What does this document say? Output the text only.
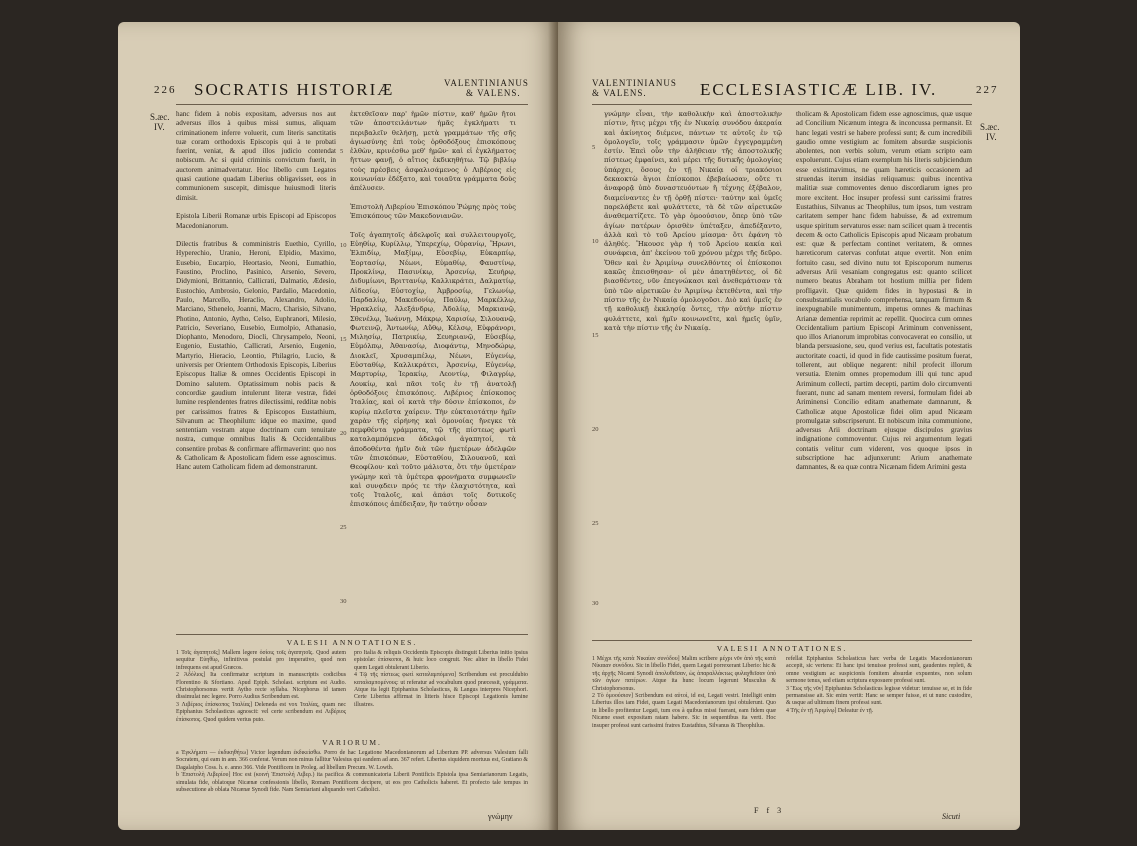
226 SOCRATIS HISTORIÆ	VALENTINIANUS
& VALENS.
S.æc.
IV.
hanc fidem à nobis expositam, adversus nos aut adversus illos à quibus missi sumus, aliquam criminationem inferre voluerit, cum literis sanctitatis tuæ coram orthodoxis Episcopis qui à te probati fuerint, veniat, & apud illos judicio contendat nobiscum. Ac si quid criminis convictum fuerit, in auctorem animadvertatur. Hoc libello cum Legatos quasi cautione quadam Liberius obligavisset, eos in communionem suscepit, dimisque huiusmodi literis dimisit.

Epistola Liberii Romanæ urbis Episcopi ad Episcopos Macedonianorum.

Dilectis fratribus & comministris Euethio, Cyrillo, Hyperechio, Uranio, Heroni, Elpidio, Maximo, Eusebio, Eucarpio, Heortasio, Neoni, Eumathio, Faustino, Proclino, Pasinico, Arsenio, Severo, Didymioni, Brittannio, Callicrati, Dalmatio, Ædesio, Eustochio, Ambrosio, Gelonio, Pardalio, Macedonio, Paulo, Marcello, Heraclio, Alexandro, Adolio, Marciano, Sthenelo, Joanni, Macro, Charisio, Silvano, Photino, Antonio, Aytho, Celso, Euphranori, Milesio, Patricio, Severiano, Eusebio, Eumolpio, Athanasio, Diophanto, Menodoro, Diocli, Chrysampelo, Neoni, Eugenio, Eustathio, Callicrati, Arsenio, Eugenio, Martyrio, Hieracio, Leontio, Philagrio, Lucio, & universis per Orientem Orthodoxis Episcopis, Liberius Episcopus Italiæ & omnes Occidentis Episcopi in Domino salutem. Optatissimum nobis pacis & concordiæ gaudium intulerunt literæ vestræ, fidei lumine resplendentes fratres dilectissimi, redditæ nobis per carissimos fratres & Episcopos Eustathium, Silvanum ac Theophilum: idque eo maxime, quod sententiam vestram atque doctrinam cum tenuitate nostra, cumque omnibus Italis & Occidentalibus consentire probas & confirmare affirmaverint: quo nos & Catholicam & Apostolicam fidem esse agnoscimus. Hanc autem Catholicam fidem ad demonstrarunt.
ἐκτεθεῖσαν παρ' ἡμῶν πίστιν, καθ' ἡμῶν ἤτοι τῶν ἀποστειλάντων ἡμᾶς ἐγκλήματι τι περιβαλεῖν θελήσῃ, μετὰ γραμμάτων τῆς σῆς ἁγιωσύνης ἐπὶ τοὺς ὀρθοδόξους ἐπισκόπους ἐλθὼν, κρινέσθω μεθ' ἡμῶν· καὶ εἰ ἐγκλήματος ἥττων φανῇ, ὁ αἴτιος ἐκδικηθήτω. Τῷ βιβλίῳ τοὺς πρέσβεις ἀσφαλισάμενος ὁ Λιβέριος εἰς κοινωνίαν ἐδέξατο, καὶ τοιαῦτα γράμματα δοὺς ἀπέλυσεν.

Ἐπιστολὴ Λιβερίου Ἐπισκόπου Ῥώμης πρὸς τοὺς Ἐπισκόπους τῶν Μακεδονιανῶν.

Τοῖς ἀγαπητοῖς ἀδελφοῖς καὶ συλλειτουργοῖς, Εὐηθίῳ, Κυρίλλῳ, Ὑπερεχίῳ, Οὐρανίῳ, Ἥρωνι, Ἐλπιδίῳ, Μαξίμῳ, Εὐσεβίῳ, Εὐκαρπίῳ, Ἑορτασίῳ, Νέωνι, Εὐμαθίῳ, Φαυστίνῳ, Προκλίνῳ, Πασινίκῳ, Ἀρσενίῳ, Σευήρῳ, Διδυμίωνι, Βριττανίῳ, Καλλικράτει, Δαλματίῳ, Αἰδεσίῳ, Εὐστοχίῳ, Ἀμβροσίῳ, Γελωνίῳ, Παρδαλίῳ, Μακεδονίῳ, Παύλῳ, Μαρκέλλῳ, Ἡρακλείῳ, Ἀλεξάνδρῳ, Ἀδολίῳ, Μαρκιανῷ, Σθενέλῳ, Ἰωάννῃ, Μάκρῳ, Χαρισίῳ, Σιλουανῷ, Φωτεινῷ, Ἀντωνίῳ, Αὔθῳ, Κέλσῳ, Εὐφράνορι, Μιλησίῳ, Πατρικίῳ, Σευηριανῷ, Εὐσεβίῳ, Εὐμόλπῳ, Ἀθανασίῳ, Διοφάντῳ, Μηνοδώρῳ, Διοκλεῖ, Χρυσαμπέλῳ, Νέωνι, Εὐγενίῳ, Εὐσταθίῳ, Καλλικράτει, Ἀρσενίῳ, Εὐγενίῳ, Μαρτυρίῳ, Ἱερακίῳ, Λεοντίῳ, Φιλαγρίῳ, Λουκίῳ, καὶ πᾶσι τοῖς ἐν τῇ ἀνατολῇ ὀρθοδόξοις ἐπισκόποις. Λιβέριος ἐπίσκοπος Ἰταλίας, καὶ οἱ κατὰ τὴν δύσιν ἐπίσκοποι, ἐν κυρίῳ πλεῖστα χαίρειν. Τὴν εὐκταιοτάτην ἡμῖν χαρὰν τῆς εἰρήνης καὶ ὁμονοίας ἤνεγκε τὰ πεμφθέντα γράμματα, τῷ τῆς πίστεως φωτὶ καταλαμπόμενα ἀδελφοὶ ἀγαπητοί, τὰ ἀποδοθέντα ἡμῖν διὰ τῶν ἡμετέρων ἀδελφῶν τῶν ἐπισκόπων, Εὐσταθίου, Σιλουανοῦ, καὶ Θεοφίλου· καὶ τοῦτο μάλιστα, ὅτι τὴν ὑμετέραν γνώμην καὶ τὰ ὑμέτερα φρονήματα συμφωνεῖν καὶ συνᾳδειν πρός τε τὴν ἐλαχιστότητα, καὶ τοῖς Ἰταλοῖς, καὶ ἀπάσι τοῖς δυτικοῖς ἐπισκόποις ἀπέδειξαν, ἥν ταύτην οὖσαν
5
10
15
20
25
30
VALESII ANNOTATIONES.
1 Τοῖς ἀγαπητοῖς] Mallem legere ὁσίοις τοῖς ἀγαπητοῖς. Quod autem sequitur Εὐηθίῳ, infinitivus postulat pro imperativo, quod non infrequens est apud Græcos.
2 Ἀδόλιος] Ita confirmatur scriptum in manuscriptis codicibus Florentino & Sfortiano. Apud Epiph. Scholast. scriptum est Audio. Christophorsonus vertit Aytho recte syllaba. Nicephorus id tamen dissimulat nec legere. Porro Audius Scribendum est.
3 Λιβέριος ἐπίσκοπος Ἰταλίας] Deleneda est vox Ἰταλίας, quam nec Epiphanius Scholasticus agnoscit: vel certe scribendum est Λιβέριος ἐπίσκοπος. Quod quidem verius puto.
pro Italia & reliquis Occidentis Episcopis distinguit Liberius initio ipsius epistolæ: ἐπίσκοποι, & huic loco congruit. Nec aliter in libello Fidei quem Legati obtulerant Liberio.
4 Τῷ τῆς πίστεως φωτὶ καταλαμπόμενα] Scribendum est proculdubio καταλαμπομένους: ut referatur ad vocabulum quod præcessit, γράμματα. Atque ita legit Epiphanius Scholasticus, & Langus interpres Nicephori. Certe Liberius affirmat in litteris hisce Episcopi Legationis lumine illustres.
VARIORUM.
a Ἐγκλήματι — ἐκδικηθήτω] Victor legendum ἐκδικείσθω. Porro de hac Legatione Macedonianorum ad Liberium PP. adversus Valesium falli Socratem, qui eam in ann. 366 conferat. Verum non minus fallitur Valesius qui eandem ad ann. 367 refert. Liberius siquidem mortuus est, Gratiano & Dagalaipho Coss. h. e. anno 366. Vide Pontificem in Proleg. ad libellum Precum. W. Lowth.
b Ἐπιστολὴ Λιβερίου] Hoc est (κοινή Ἐπιστολή Λιβερ.) ita pacifica & communicatoria Liberii Pontificis Epistola ipsa Semiarianorum Legatis, simulata fide, oblatoque Nicænæ confessionis libello, Romam Pontificem decipere, ut eos pro Catholicis haberet. Et profecto tale tempus in subsecutione ab oblata Nicænæ Synodi fide. Nam Semiariani aliquando veri Catholici.
γνώμην
VALENTINIANUS
& VALENS.	ECCLESIASTICÆ LIB. IV.	227
S.æc.
IV.
5
10
15
20
25
30
γνώμην εἶναι, τὴν καθολικὴν καὶ ἀποστολικὴν πίστιν, ἥτις μέχρι τῆς ἐν Νικαίᾳ συνόδου ἀκεραία καὶ ἀκίνητος διέμενε, πάντων τε αὐτοῖς ἐν τῷ ὀμολογεῖν, τοῖς γράμμασιν ὑμῶν ἐγγεγραμμένη ἐστίν. Ἐπεὶ οὖν τὴν ἀλήθειαν τῆς ἀποστολικῆς πίστεως ἐμφαίνει, καὶ μέρει τῆς δυτικῆς ὀμολογίας ὑπάρχει, ὅσους ἐν τῇ Νικαίᾳ οἱ τριακόσιοι δεκαοκτὼ ἅγιοι ἐπίσκοποι ἐβεβαίωσαν, οὔτε τι ἀναφορᾷ ὑπὸ δυναστευόντων ἢ τέχνης ἐξέβαλον, διαμείναντες ἐν τῇ ὀρθῇ πίστει· ταύτην καὶ ὑμεῖς παρελάβετε καὶ φυλάττετε, τὰ δὲ τῶν αἱρετικῶν ἀναθεματίζετε. Τὸ γὰρ ὁμοούσιον, ὅπερ ὑπὸ τῶν ἁγίων πατέρων ὁρισθὲν ὑπέταξεν, ἀπεδέξαντο, ἀλλὰ καὶ τὸ τοῦ Ἀρείου μίασμα· ὅτι ἐφάνη τὸ ἀληθές. Ἤκουσε γὰρ ἡ τοῦ Ἀρείου κακία καὶ συνάφεια, ἀπ' ἐκείνου τοῦ χρόνου μέχρι τῆς δεῦρο. Ὅθεν καὶ ἐν Ἀριμίνῳ συνελθόντες οἱ ἐπίσκοποι κακῶς ἐπεισθησαν· οἱ μὲν ἀπατηθέντες, οἱ δὲ βιασθέντες, νῦν ἐπεγνώκασι καὶ ἀνεθεμάτισαν τὰ ὑπὸ τῶν αἱρετικῶν ἐν Ἀριμίνῳ ἐκτεθέντα, καὶ τὴν πίστιν τῆς ἐν Νικαίᾳ ὁμολογοῦσι. Διὸ καὶ ὑμεῖς ἐν τῇ καθολικῇ ἐκκλησίᾳ ὄντες, τὴν αὐτὴν πίστιν φυλάττετε, καὶ ἡμῖν κοινωνεῖτε, καὶ ἡμεῖς ὑμῖν, κατὰ τὴν πίστιν τῆς ἐν Νικαίᾳ.
tholicam & Apostolicam fidem esse agnoscimus, quæ usque ad Concilium Nicænum integra & inconcussa permansit. Et hanc legati vestri se habere professi sunt; & cum incredibili gaudio omne vestigium ac fomitem absurdæ suspicionis abolentes, non verbis solum, verum etiam scripto eam expoluerunt. Cujus etiam exemplum his literis subjiciendum esse existimavimus, ne quam hæreticis occasionem ad struendas iterum insidias reliquamus: quibus incentiva malitiæ suæ commoventes denuo discordiarum ignes pro more excitent. Hoc insuper professi sunt carissimi fratres Eustathius, Silvanus ac Theophilus, tum ipsos, tum vestram caritatem semper hanc fidem habuisse, & ad extremum usque spiritum servaturos esse: nam scilicet quam à trecentis decem & octo Catholicis Episcopis apud Nicæam probatum est: quæ & perfectam continet veritatem, & omnes hæreticorum catervas confutat atque evertit. Non enim fortuito casu, sed divino nutu tot Episcoporum numerus adversus Arii vesaniam congregatus est: quanto scilicet numero beatus Abraham tot hostium millia per fidem profligavit. Quæ quidem fides in hypostasi & in consubstantialis vocabulo comprehensa, tanquam firmum & inexpugnabile munimentum, impetus omnes & machinas Arianæ dementiæ reprimit ac repellit. Quocirca cum omnes Occidentalium partium Episcopi Ariminum convenissent, quo illos Arianorum improbitas convocaverat eo consilio, ut blanda persuasione, seu, quod verius est, facultatis potestatis auctoritate coacti, id quod in fide cautissime positum fuerat, tollerent, aut oblique negarent: nihil profecit illorum versutia. Etenim omnes propemodum illi qui tunc apud Ariminum collecti, partim decepti, partim dolo circumventi fuerant, nunc ad sanam mentem reversi, formulam fidei ab Ariminensi Concilio editam anathemate damnarunt, & Catholicæ atque Apostolicæ fidei olim apud Nicæam promulgatæ subscripserunt. Et nobiscum inita communione, adversus Arii doctrinam ejusque discipulos gravius indignatione commoventur. Cujus rei argumentum legati contatis velitur cum viderent, vos quoque ipsos in subscriptione hac adjunxerunt: Arium anathemate damnantes, & ea quæ contra Nicænam fidem Arimini gesta
VALESII ANNOTATIONES.
1 Μέχρι τῆς κατὰ Νικαίαν συνόδου] Malim scribere μέχρι νῦν ἀπὸ τῆς κατὰ Νίκαιαν συνόδου. Sic in libello Fidei, quem Legati porrexerant Liberio: hic & τῆς ἀρχῆς Nicæni Synodi ἀπολυθεῖσαν, ὡς ἀπαραλλάκτως φυλαχθεῖσαν ὑπὸ τῶν ἁγίων πατέρων. Atque ita hunc locum legerunt Musculus & Christophorsonus.
2 Τὸ ὁμοούσιον] Scribendum est αὐτοί, id est, Legati vestri. Intelligit enim Liberius illos iam Fidei, quam Legati Macedonianorum ipsi obtulerunt. Quo in libello profitentur Legati, tum eos à quibus missi fuerant, eam fidem quæ Nicæne esset expositam ratam habere. Sic in sequentibus ita verti. Hoc insuper professi sunt carissimi fratres Eustathius, Silvanus & Theophilus.
refellat Epiphanius Scholasticus hæc verba de Legatis Macedonianorum accepit, sic vertens: Et hanc ipsi tenuisse professi sunt, gaudentes repleti, & omne vestigium ac suspicionis fomitem absurdæ expuentes, non solum sermone tenus, sed etiam scriptura exposuere professi sunt.
3 Ἕως τῆς νῦν] Epiphanius Scholasticus legisse videtur: tenuisse se, et in fide permansisse ait. Sic enim vertit: Hanc se semper fuisse, et ut nunc custodire, & usque ad ultimum finem professi sunt.
4 Τῆς ἐν τῇ Ἀριμίνῳ] Deleatur ἐν τῇ.
F f 3
Sicuti
